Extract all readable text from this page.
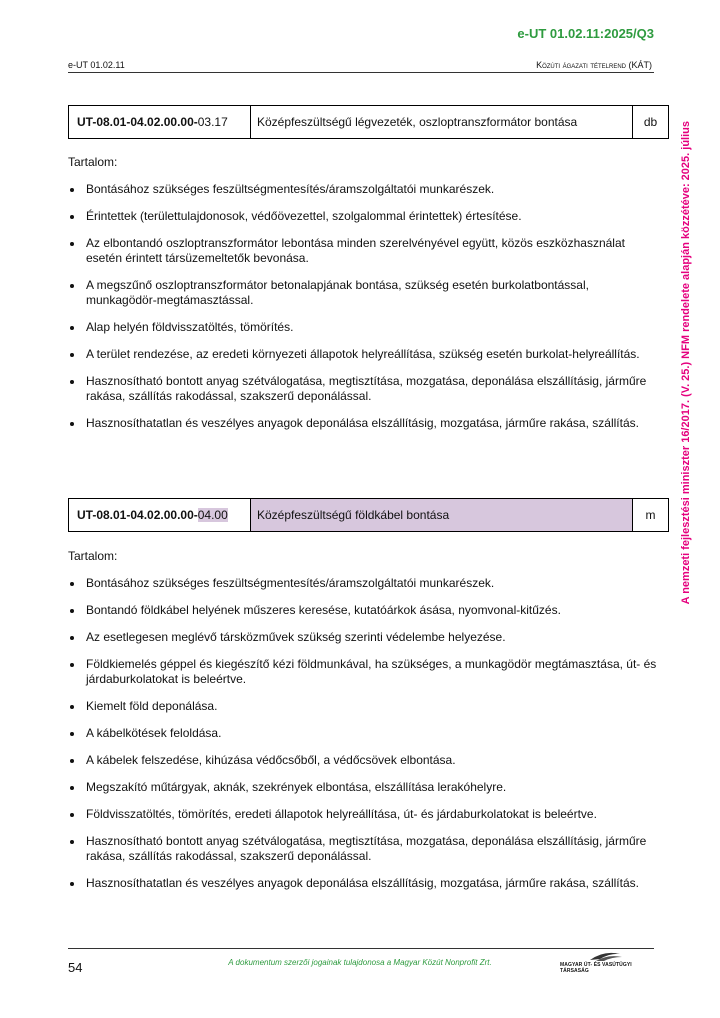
e-UT 01.02.11:2025/Q3
e-UT 01.02.11	Közúti ágazati tételrend (KÁT)
A nemzeti fejlesztési miniszter 16/2017. (V. 25.) NFM rendelete alapján közzétéve: 2025. július
UT-08.01-04.02.00.00- 03.17	Középfeszültségű légvezeték, oszloptranszformátor bontása	db
Tartalom:
Bontásához szükséges feszültségmentesítés/áramszolgáltatói munkarészek.
Érintettek (területtulajdonosok, védőövezettel, szolgalommal érintettek) értesítése.
Az elbontandó oszloptranszformátor lebontása minden szerelvényével együtt, közös eszközhasználat esetén érintett társüzemeltetők bevonása.
A megszűnő oszloptranszformátor betonalapjának bontása, szükség esetén burkolatbontással, munkagödör-megtámasztással.
Alap helyén földvisszatöltés, tömörítés.
A terület rendezése, az eredeti környezeti állapotok helyreállítása, szükség esetén burkolat-helyreállítás.
Hasznosítható bontott anyag szétválogatása, megtisztítása, mozgatása, deponálása elszállításig, járműre rakása, szállítás rakodással, szakszerű deponálással.
Hasznosíthatatlan és veszélyes anyagok deponálása elszállításig, mozgatása, járműre rakása, szállítás.
UT-08.01-04.02.00.00- 04.00	Középfeszültségű földkábel bontása	m
Tartalom:
Bontásához szükséges feszültségmentesítés/áramszolgáltatói munkarészek.
Bontandó földkábel helyének műszeres keresése, kutatóárkok ásása, nyomvonal-kitűzés.
Az esetlegesen meglévő társközművek szükség szerinti védelembe helyezése.
Földkiemelés géppel és kiegészítő kézi földmunkával, ha szükséges, a munkagödör megtámasztása, út- és járdaburkolatokat is beleértve.
Kiemelt föld deponálása.
A kábelkötések feloldása.
A kábelek felszedése, kihúzása védőcsőből, a védőcsövek elbontása.
Megszakító műtárgyak, aknák, szekrények elbontása, elszállítása lerakóhelyre.
Földvisszatöltés, tömörítés, eredeti állapotok helyreállítása, út- és járdaburkolatokat is beleértve.
Hasznosítható bontott anyag szétválogatása, megtisztítása, mozgatása, deponálása elszállításig, járműre rakása, szállítás rakodással, szakszerű deponálással.
Hasznosíthatatlan és veszélyes anyagok deponálása elszállításig, mozgatása, járműre rakása, szállítás.
54	A dokumentum szerzői jogainak tulajdonosa a Magyar Közút Nonprofit Zrt.	MAGYAR ÚT- ÉS VASÚTÜGYI TÁRSASÁG
